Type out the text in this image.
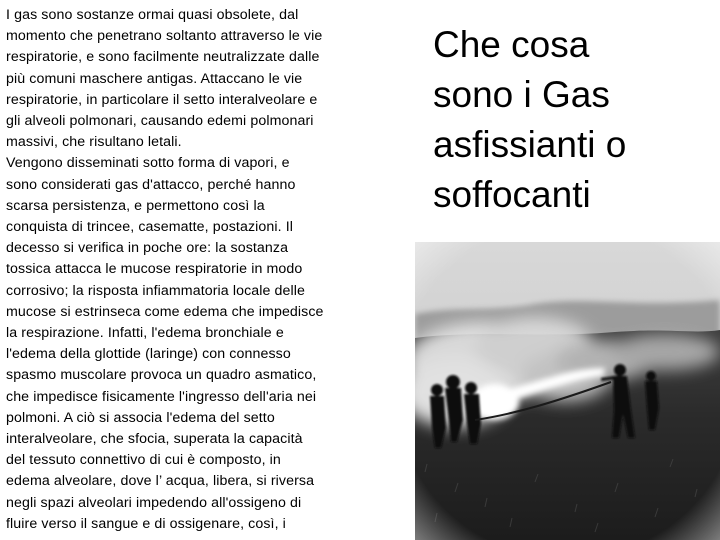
I gas sono sostanze ormai quasi obsolete, dal
momento che penetrano soltanto attraverso le vie
respiratorie, e sono facilmente neutralizzate dalle
più comuni maschere antigas. Attaccano le vie
respiratorie, in particolare il setto interalveolare e
gli alveoli polmonari, causando edemi polmonari
massivi, che risultano letali.
Vengono disseminati sotto forma di vapori, e
sono considerati gas d'attacco, perché hanno
scarsa persistenza, e permettono così la
conquista di trincee, casematte, postazioni. Il
decesso si verifica in poche ore: la sostanza
tossica attacca le mucose respiratorie in modo
corrosivo; la risposta infiammatoria locale delle
mucose si estrinseca come edema che impedisce
la respirazione. Infatti, l'edema bronchiale e
l'edema della glottide (laringe) con connesso
spasmo muscolare provoca un quadro asmatico,
che impedisce fisicamente l'ingresso dell'aria nei
polmoni. A ciò si associa l'edema del setto
interalveolare, che sfocia, superata la capacità
del tessuto connettivo di cui è composto, in
edema alveolare, dove l’ acqua, libera, si riversa
negli spazi alveolari impedendo all'ossigeno di
fluire verso il sangue e di ossigenare, così, i
Che cosa
sono i Gas
asfissianti o
soffocanti
